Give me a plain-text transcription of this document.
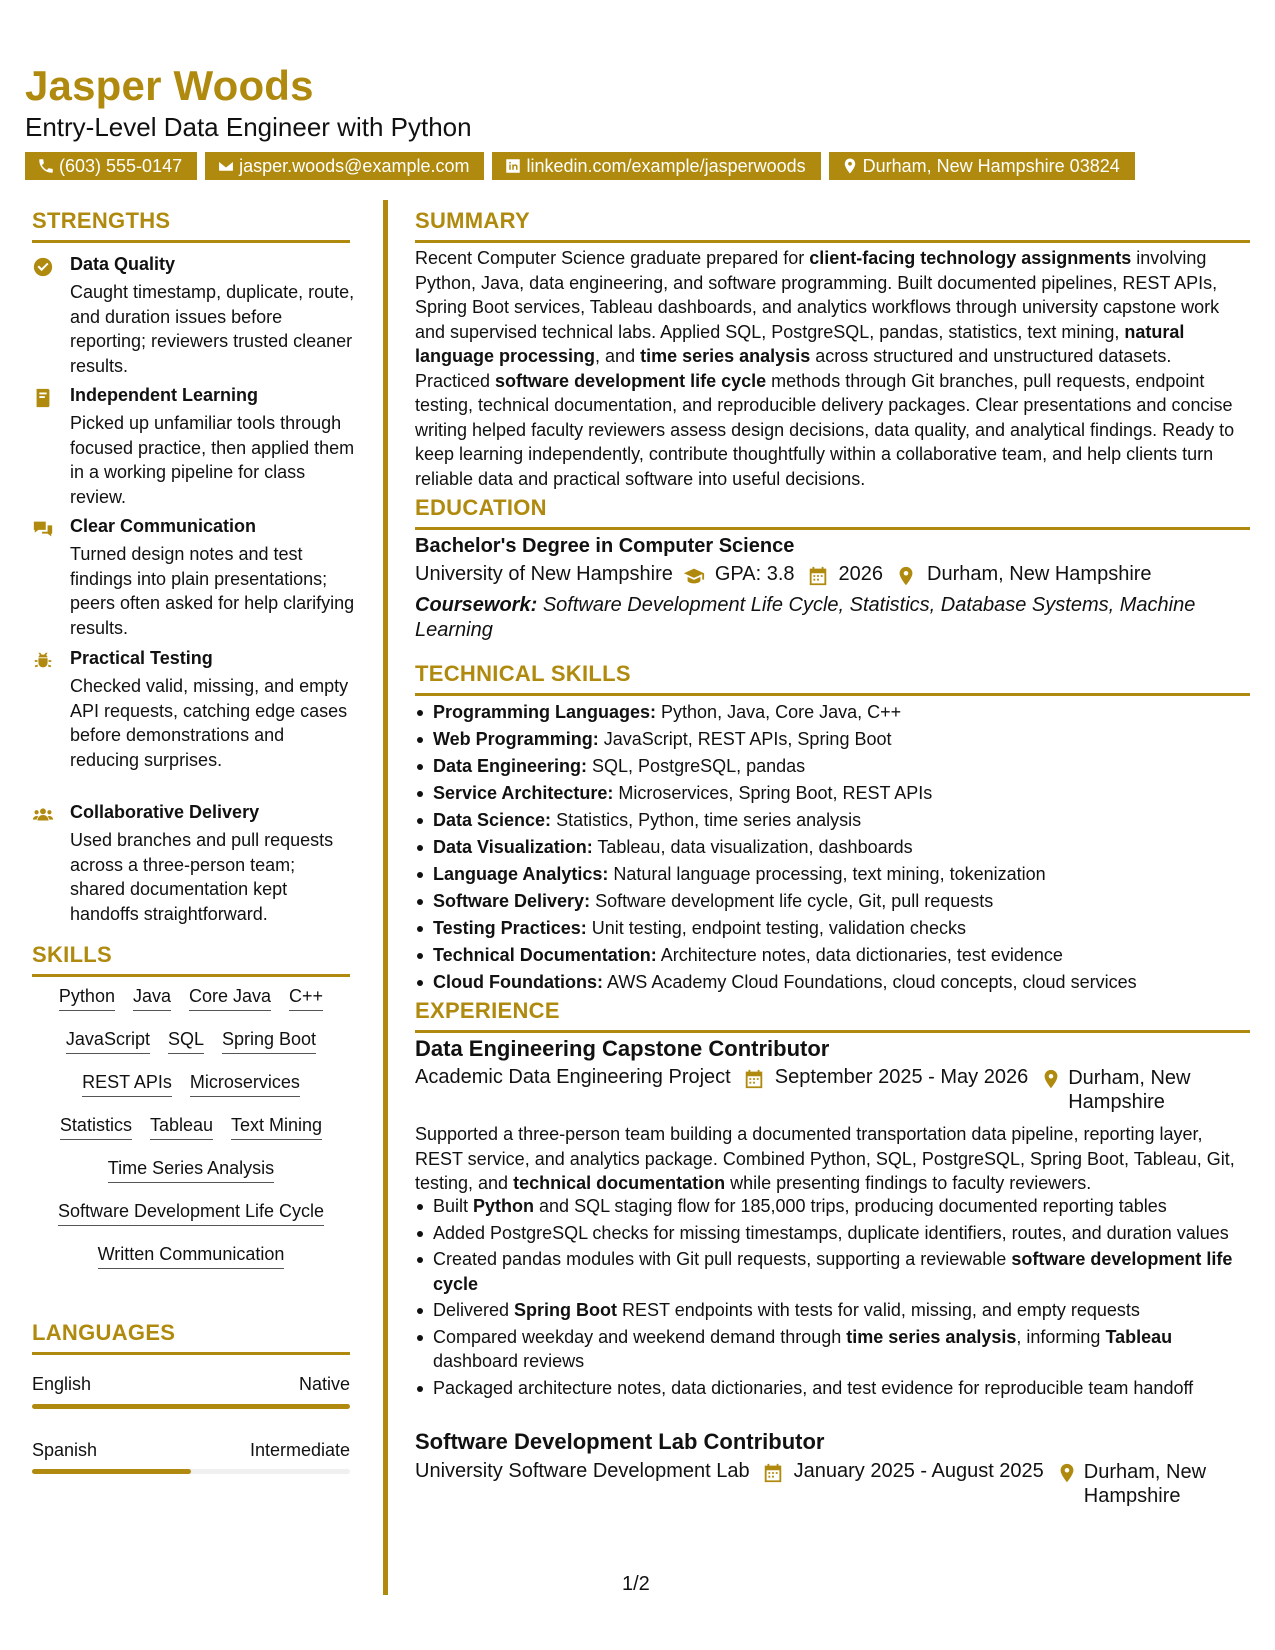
Jasper Woods
Entry-Level Data Engineer with Python
(603) 555-0147	jasper.woods@example.com	linkedin.com/example/jasperwoods	Durham, New Hampshire 03824
STRENGTHS
Data Quality
Caught timestamp, duplicate, route, and duration issues before reporting; reviewers trusted cleaner results.
Independent Learning
Picked up unfamiliar tools through focused practice, then applied them in a working pipeline for class review.
Clear Communication
Turned design notes and test findings into plain presentations; peers often asked for help clarifying results.
Practical Testing
Checked valid, missing, and empty API requests, catching edge cases before demonstrations and reducing surprises.
Collaborative Delivery
Used branches and pull requests across a three-person team; shared documentation kept handoffs straightforward.
SKILLS
Python Java Core Java C++
JavaScript SQL Spring Boot
REST APIs Microservices
Statistics Tableau Text Mining
Time Series Analysis
Software Development Life Cycle
Written Communication
LANGUAGES
English	Native
Spanish	Intermediate
SUMMARY
Recent Computer Science graduate prepared for client-facing technology assignments involving Python, Java, data engineering, and software programming. Built documented pipelines, REST APIs, Spring Boot services, Tableau dashboards, and analytics workflows through university capstone work and supervised technical labs. Applied SQL, PostgreSQL, pandas, statistics, text mining, natural language processing, and time series analysis across structured and unstructured datasets. Practiced software development life cycle methods through Git branches, pull requests, endpoint testing, technical documentation, and reproducible delivery packages. Clear presentations and concise writing helped faculty reviewers assess design decisions, data quality, and analytical findings. Ready to keep learning independently, contribute thoughtfully within a collaborative team, and help clients turn reliable data and practical software into useful decisions.
EDUCATION
Bachelor's Degree in Computer Science
University of New Hampshire GPA: 3.8 2026 Durham, New Hampshire
Coursework: Software Development Life Cycle, Statistics, Database Systems, Machine Learning
TECHNICAL SKILLS
Programming Languages: Python, Java, Core Java, C++
Web Programming: JavaScript, REST APIs, Spring Boot
Data Engineering: SQL, PostgreSQL, pandas
Service Architecture: Microservices, Spring Boot, REST APIs
Data Science: Statistics, Python, time series analysis
Data Visualization: Tableau, data visualization, dashboards
Language Analytics: Natural language processing, text mining, tokenization
Software Delivery: Software development life cycle, Git, pull requests
Testing Practices: Unit testing, endpoint testing, validation checks
Technical Documentation: Architecture notes, data dictionaries, test evidence
Cloud Foundations: AWS Academy Cloud Foundations, cloud concepts, cloud services
EXPERIENCE
Data Engineering Capstone Contributor
Academic Data Engineering Project September 2025 - May 2026 Durham, New Hampshire
Supported a three-person team building a documented transportation data pipeline, reporting layer, REST service, and analytics package. Combined Python, SQL, PostgreSQL, Spring Boot, Tableau, Git, testing, and technical documentation while presenting findings to faculty reviewers.
Built Python and SQL staging flow for 185,000 trips, producing documented reporting tables
Added PostgreSQL checks for missing timestamps, duplicate identifiers, routes, and duration values
Created pandas modules with Git pull requests, supporting a reviewable software development life cycle
Delivered Spring Boot REST endpoints with tests for valid, missing, and empty requests
Compared weekday and weekend demand through time series analysis, informing Tableau dashboard reviews
Packaged architecture notes, data dictionaries, and test evidence for reproducible team handoff
Software Development Lab Contributor
University Software Development Lab January 2025 - August 2025 Durham, New Hampshire
1/2
